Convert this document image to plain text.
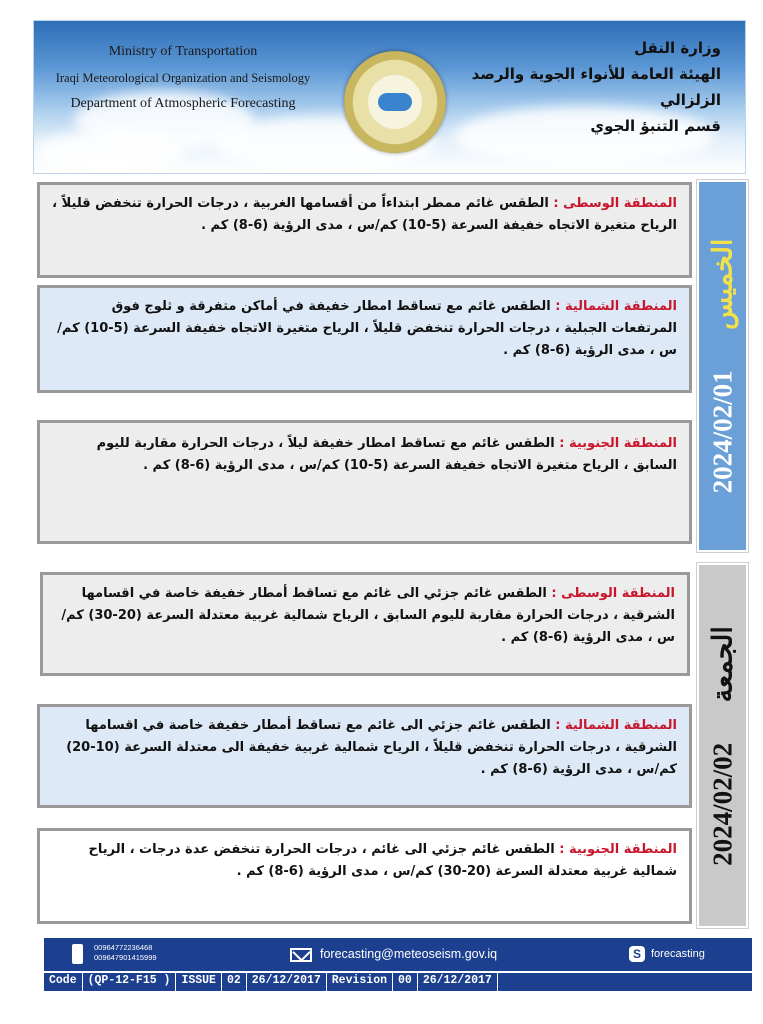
Ministry of Transportation
Iraqi Meteorological Organization and Seismology
Department of Atmospheric Forecasting
وزارة النقل
الهيئة العامة للأنواء الجوية والرصد الزلزالي
قسم التنبؤ الجوي
المنطقة الوسطى : الطقس غائم ممطر ابتداءاً من أقسامها الغربية ، درجات الحرارة تنخفض قليلاً ، الرياح متغيرة الاتجاه خفيفة السرعة (5-10) كم/س ، مدى الرؤية (6-8) كم .
المنطقة الشمالية : الطقس غائم مع تساقط امطار خفيفة في أماكن متفرقة و ثلوج فوق المرتفعات الجبلية ، درجات الحرارة تنخفض قليلاً ، الرياح متغيرة الاتجاه خفيفة السرعة (5-10) كم/س ، مدى الرؤية (6-8) كم .
المنطقة الجنوبية : الطقس غائم مع تساقط امطار خفيفة ليلاً ، درجات الحرارة مقاربة لليوم السابق ، الرياح متغيرة الاتجاه خفيفة السرعة (5-10) كم/س ، مدى الرؤية (6-8) كم .	2024/02/01      الخميس
المنطقة الوسطى : الطقس غائم جزئي الى غائم مع تساقط أمطار خفيفة خاصة في اقسامها الشرقية ، درجات الحرارة مقاربة لليوم السابق ، الرياح شمالية غربية معتدلة السرعة (20-30) كم/س ، مدى الرؤية (6-8) كم .
المنطقة الشمالية : الطقس غائم جزئي الى غائم مع تساقط أمطار خفيفة خاصة في اقسامها الشرقية ، درجات الحرارة تنخفض قليلاً ، الرياح شمالية غربية خفيفة الى معتدلة السرعة (10-20) كم/س ، مدى الرؤية (6-8) كم .
المنطقة الجنوبية : الطقس غائم جزئي الى غائم ، درجات الحرارة تنخفض عدة درجات ، الرياح شمالية غربية معتدلة السرعة (20-30) كم/س ، مدى الرؤية (6-8) كم .
2024/02/02      الجمعة
009647722364​68
009647901415999	forecasting@meteoseism.gov.iq	S forecasting
Code (QP-12-F15 ) ISSUE 02 26/12/2017 Revision 00 26/12/2017
